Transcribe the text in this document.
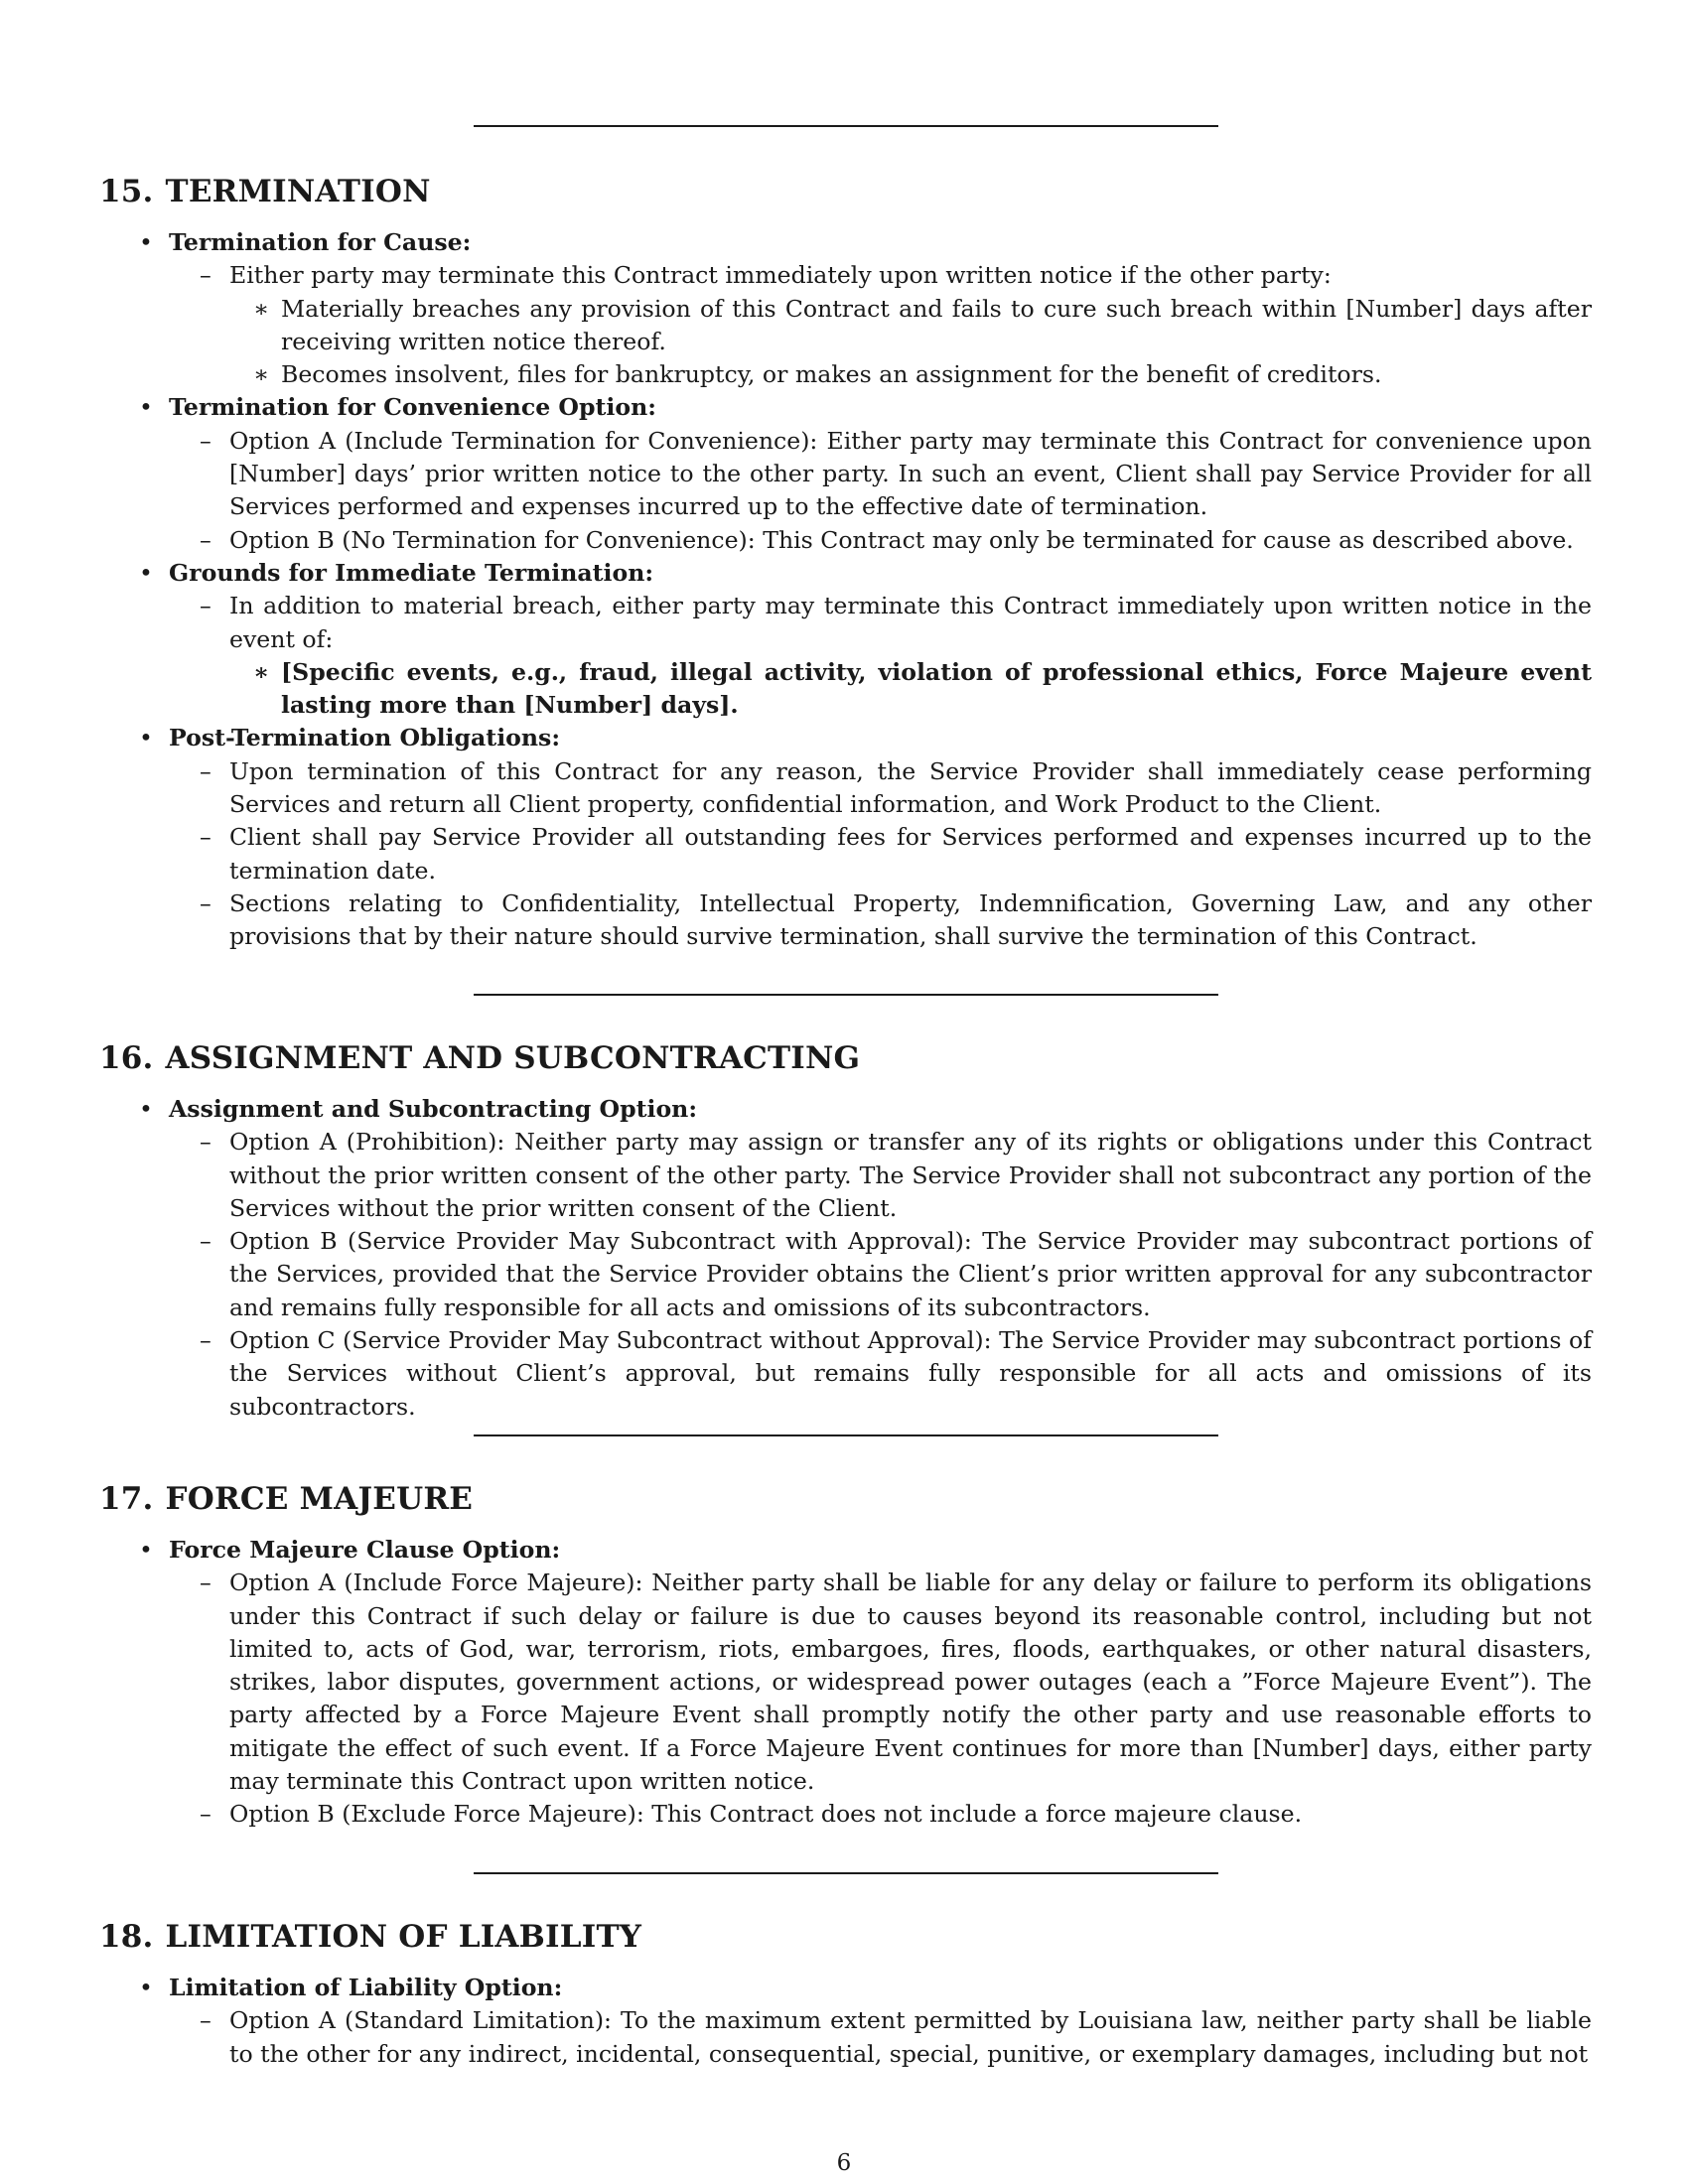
15. TERMINATION
• Termination for Cause:
– Either party may terminate this Contract immediately upon written notice if the other party:
∗ Materially breaches any provision of this Contract and fails to cure such breach within [Number] days after receiving written notice thereof.
∗ Becomes insolvent, files for bankruptcy, or makes an assignment for the benefit of creditors.
• Termination for Convenience Option:
– Option A (Include Termination for Convenience): Either party may terminate this Contract for convenience upon [Number] days’ prior written notice to the other party. In such an event, Client shall pay Service Provider for all Services performed and expenses incurred up to the effective date of termination.
– Option B (No Termination for Convenience): This Contract may only be terminated for cause as described above.
• Grounds for Immediate Termination:
– In addition to material breach, either party may terminate this Contract immediately upon written notice in the event of:
∗ [Specific events, e.g., fraud, illegal activity, violation of professional ethics, Force Majeure event lasting more than [Number] days].
• Post-Termination Obligations:
– Upon termination of this Contract for any reason, the Service Provider shall immediately cease performing Services and return all Client property, confidential information, and Work Product to the Client.
– Client shall pay Service Provider all outstanding fees for Services performed and expenses incurred up to the termination date.
– Sections relating to Confidentiality, Intellectual Property, Indemnification, Governing Law, and any other provisions that by their nature should survive termination, shall survive the termination of this Contract.
16. ASSIGNMENT AND SUBCONTRACTING
• Assignment and Subcontracting Option:
– Option A (Prohibition): Neither party may assign or transfer any of its rights or obligations under this Contract without the prior written consent of the other party. The Service Provider shall not subcontract any portion of the Services without the prior written consent of the Client.
– Option B (Service Provider May Subcontract with Approval): The Service Provider may subcontract portions of the Services, provided that the Service Provider obtains the Client’s prior written approval for any subcontractor and remains fully responsible for all acts and omissions of its subcontractors.
– Option C (Service Provider May Subcontract without Approval): The Service Provider may subcontract portions of the Services without Client’s approval, but remains fully responsible for all acts and omissions of its subcontractors.
17. FORCE MAJEURE
• Force Majeure Clause Option:
– Option A (Include Force Majeure): Neither party shall be liable for any delay or failure to perform its obligations under this Contract if such delay or failure is due to causes beyond its reasonable control, including but not limited to, acts of God, war, terrorism, riots, embargoes, fires, floods, earthquakes, or other natural disasters, strikes, labor disputes, government actions, or widespread power outages (each a ”Force Majeure Event”). The party affected by a Force Majeure Event shall promptly notify the other party and use reasonable efforts to mitigate the effect of such event. If a Force Majeure Event continues for more than [Number] days, either party may terminate this Contract upon written notice.
– Option B (Exclude Force Majeure): This Contract does not include a force majeure clause.
18. LIMITATION OF LIABILITY
• Limitation of Liability Option:
– Option A (Standard Limitation): To the maximum extent permitted by Louisiana law, neither party shall be liable to the other for any indirect, incidental, consequential, special, punitive, or exemplary damages, including but not
6
